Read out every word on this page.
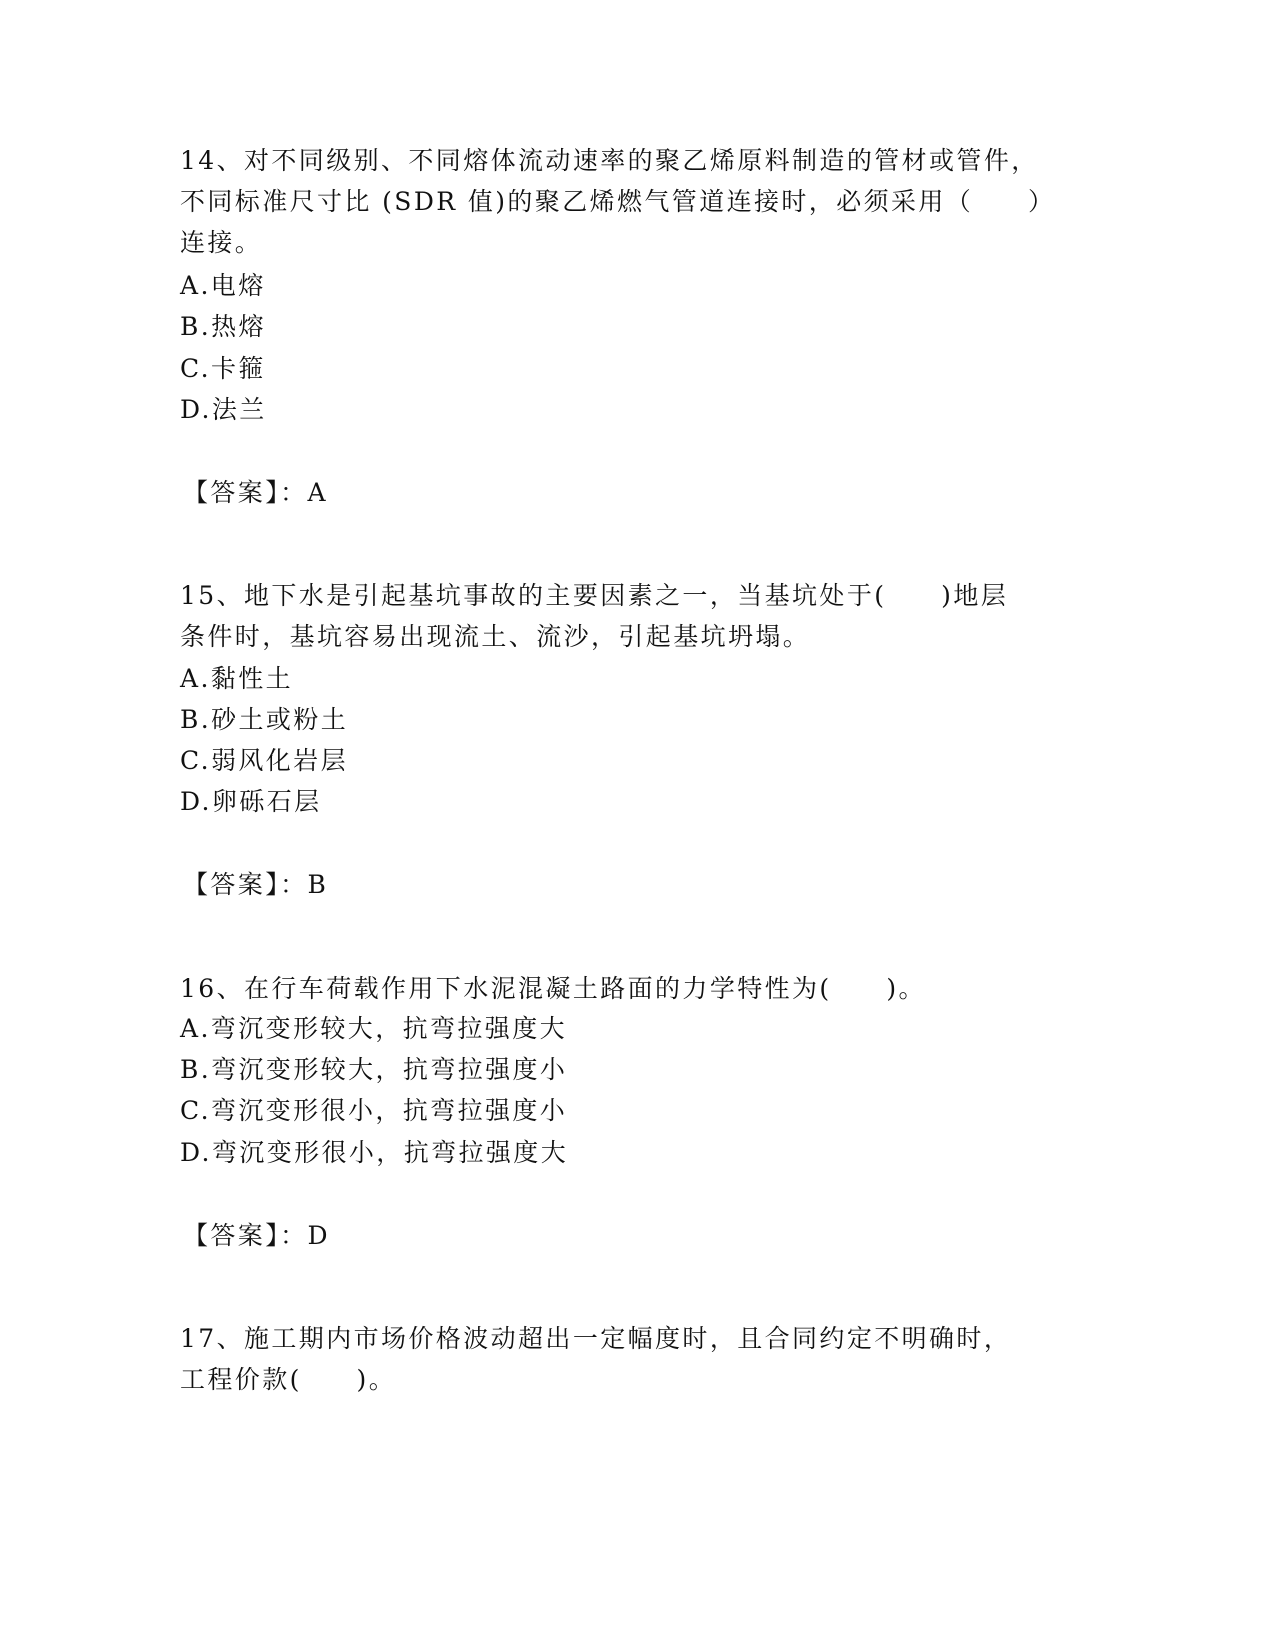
14、对不同级别、不同熔体流动速率的聚乙烯原料制造的管材或管件，
不同标准尺寸比 (SDR 值)的聚乙烯燃气管道连接时，必须采用（　　）
连接。
A.电熔
B.热熔
C.卡箍
D.法兰
【答案】：A
15、地下水是引起基坑事故的主要因素之一，当基坑处于(　　)地层
条件时，基坑容易出现流土、流沙，引起基坑坍塌。
A.黏性土
B.砂土或粉土
C.弱风化岩层
D.卵砾石层
【答案】：B
16、在行车荷载作用下水泥混凝土路面的力学特性为(　　)。
A.弯沉变形较大，抗弯拉强度大
B.弯沉变形较大，抗弯拉强度小
C.弯沉变形很小，抗弯拉强度小
D.弯沉变形很小，抗弯拉强度大
【答案】：D
17、施工期内市场价格波动超出一定幅度时，且合同约定不明确时，
工程价款(　　)。
